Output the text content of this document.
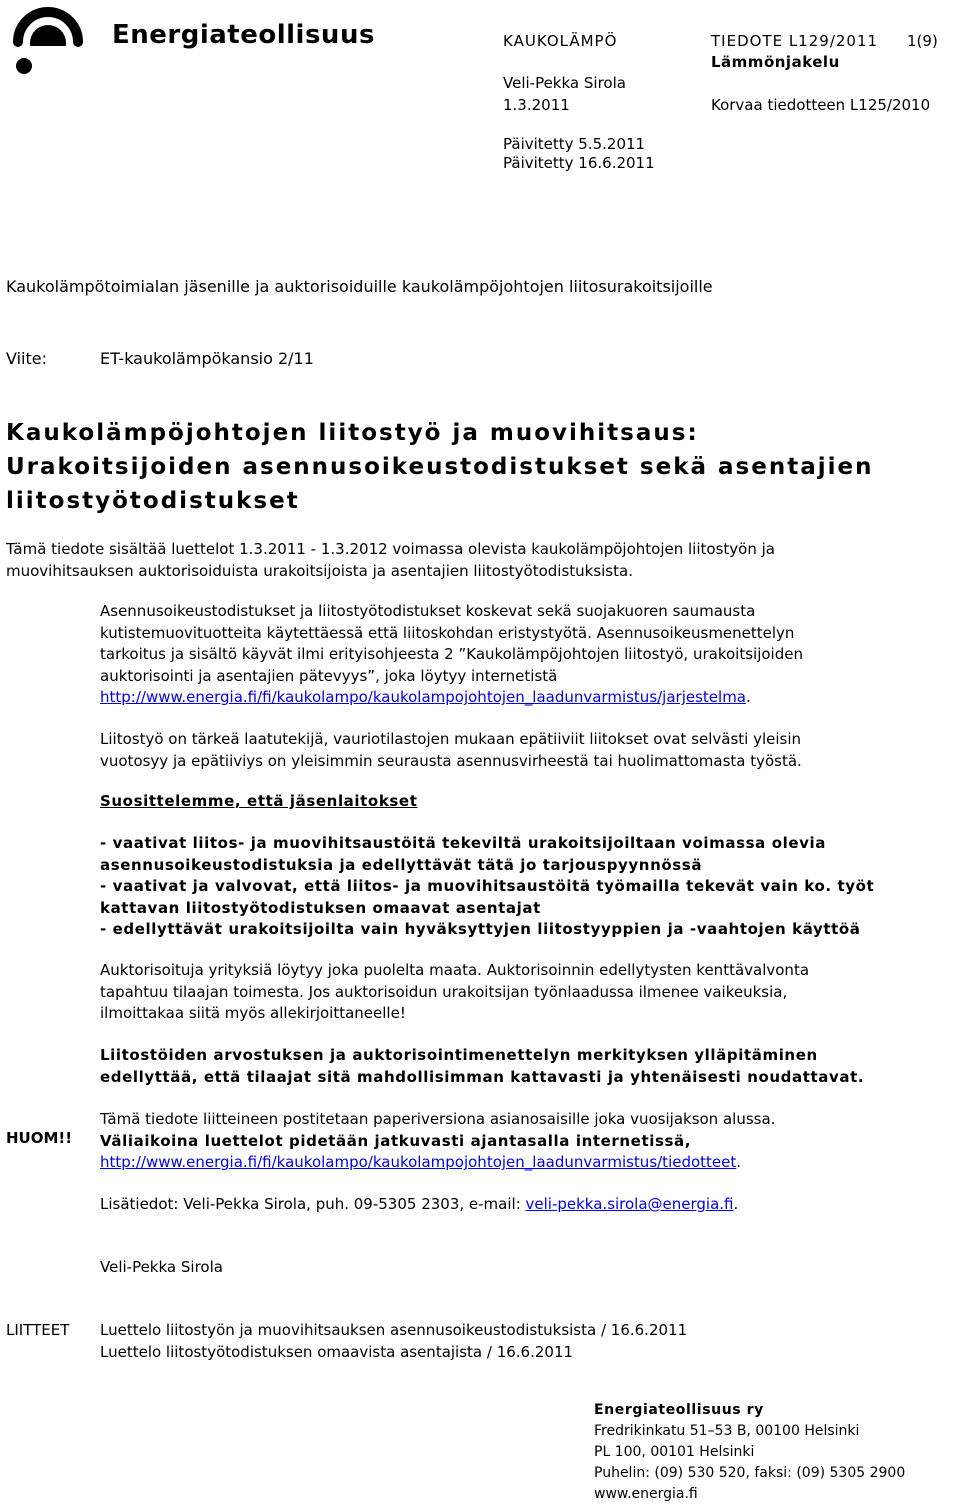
Energiateollisuus	KAUKOLÄMPÖ	TIEDOTE L129/2011 1(9)
Lämmönjakelu
Veli-Pekka Sirola
1.3.2011	Korvaa tiedotteen L125/2010
Päivitetty 5.5.2011
Päivitetty 16.6.2011
Kaukolämpötoimialan jäsenille ja auktorisoiduille kaukolämpöjohtojen liitosurakoitsijoille
Viite:	ET-kaukolämpökansio 2/11
Kaukolämpöjohtojen liitostyö ja muovihitsaus:
Urakoitsijoiden asennusoikeustodistukset sekä asentajien
liitostyötodistukset
Tämä tiedote sisältää luettelot 1.3.2011 - 1.3.2012 voimassa olevista kaukolämpöjohtojen liitostyön ja
muovihitsauksen auktorisoiduista urakoitsijoista ja asentajien liitostyötodistuksista.
Asennusoikeustodistukset ja liitostyötodistukset koskevat sekä suojakuoren saumausta
kutistemuovituotteita käytettäessä että liitoskohdan eristystyötä. Asennusoikeusmenettelyn
tarkoitus ja sisältö käyvät ilmi erityisohjeesta 2 ”Kaukolämpöjohtojen liitostyö, urakoitsijoiden
auktorisointi ja asentajien pätevyys”, joka löytyy internetistä
http://www.energia.fi/fi/kaukolampo/kaukolampojohtojen_laadunvarmistus/jarjestelma.
Liitostyö on tärkeä laatutekijä, vauriotilastojen mukaan epätiiviit liitokset ovat selvästi yleisin
vuotosyy ja epätiiviys on yleisimmin seurausta asennusvirheestä tai huolimattomasta työstä.
Suosittelemme, että jäsenlaitokset
- vaativat liitos- ja muovihitsaustöitä tekeviltä urakoitsijoiltaan voimassa olevia
asennusoikeustodistuksia ja edellyttävät tätä jo tarjouspyynnössä
- vaativat ja valvovat, että liitos- ja muovihitsaustöitä työmailla tekevät vain ko. työt
kattavan liitostyötodistuksen omaavat asentajat
- edellyttävät urakoitsijoilta vain hyväksyttyjen liitostyyppien ja -vaahtojen käyttöä
Auktorisoituja yrityksiä löytyy joka puolelta maata. Auktorisoinnin edellytysten kenttävalvonta
tapahtuu tilaajan toimesta. Jos auktorisoidun urakoitsijan työnlaadussa ilmenee vaikeuksia,
ilmoittakaa siitä myös allekirjoittaneelle!
Liitostöiden arvostuksen ja auktorisointimenettelyn merkityksen ylläpitäminen
edellyttää, että tilaajat sitä mahdollisimman kattavasti ja yhtenäisesti noudattavat.
HUOM!!
Tämä tiedote liitteineen postitetaan paperiversiona asianosaisille joka vuosijakson alussa.
Väliaikoina luettelot pidetään jatkuvasti ajantasalla internetissä,
http://www.energia.fi/fi/kaukolampo/kaukolampojohtojen_laadunvarmistus/tiedotteet.
Lisätiedot: Veli-Pekka Sirola, puh. 09-5305 2303, e-mail: veli-pekka.sirola@energia.fi.
Veli-Pekka Sirola
LIITTEET Luettelo liitostyön ja muovihitsauksen asennusoikeustodistuksista / 16.6.2011
Luettelo liitostyötodistuksen omaavista asentajista / 16.6.2011
Energiateollisuus ry
Fredrikinkatu 51–53 B, 00100 Helsinki
PL 100, 00101 Helsinki
Puhelin: (09) 530 520, faksi: (09) 5305 2900
www.energia.fi
